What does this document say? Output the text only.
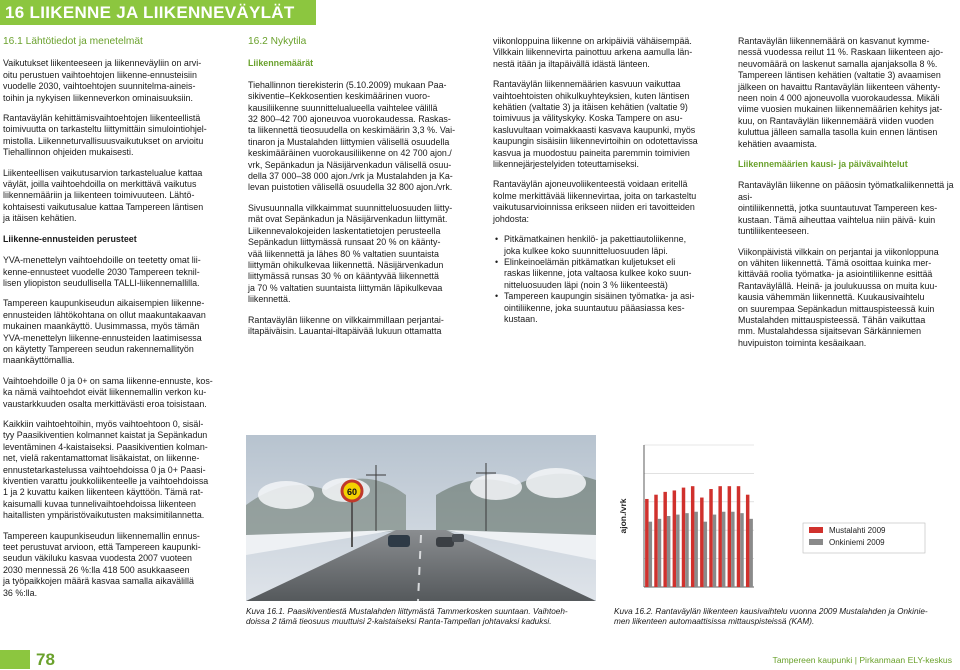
16 LIIKENNE JA LIIKENNEVÄYLÄT
16.1 Lähtötiedot ja menetelmät

Vaikutukset liikenteeseen ja liikenneväyliin on arvi-
oitu perustuen vaihtoehtojen liikenne-ennusteisiin
vuodelle 2030, vaihtoehtojen suunnitelma-aineis-
toihin ja nykyisen liikenneverkon ominaisuuksiin.

Rantaväylän kehittämisvaihtoehtojen liikenteellistä
toimivuutta on tarkasteltu liittymittäin simulointiohjel-
mistolla. Liikenneturvallisuusvaikutukset on arvioitu
Tiehallinnon ohjeiden mukaisesti.

Liikenteellisen vaikutusarvion tarkastelualue kattaa
väylät, joilla vaihtoehdoilla on merkittävä vaikutus
liikennemääriin ja liikenteen toimivuuteen. Lähtö-
kohtaisesti vaikutusalue kattaa Tampereen läntisen
ja itäisen kehätien.

Liikenne-ennusteiden perusteet

YVA-menettelyn vaihtoehdoille on teetetty omat lii-
kenne-ennusteet vuodelle 2030 Tampereen teknil-
lisen yliopiston seudullisella TALLI-liikennemallilla.

Tampereen kaupunkiseudun aikaisempien liikenne-
ennusteiden lähtökohtana on ollut maakuntakaavan
mukainen maankäyttö. Uusimmassa, myös tämän
YVA-menettelyn liikenne-ennusteiden laatimisessa
on käytetty Tampereen seudun rakennemallityön
maankäyttömallia.

Vaihtoehdoille 0 ja 0+ on sama liikenne-ennuste, kos-
ka nämä vaihtoehdot eivät liikennemallin verkon ku-
vaustarkkuuden osalta merkittävästi eroa toisistaan.

Kaikkiin vaihtoehtoihin, myös vaihtoehtoon 0, sisäl-
tyy Paasikiventien kolmannet kaistat ja Sepänkadun
leventäminen 4-kaistaiseksi. Paasikiventien kolman-
net, vielä rakentamattomat lisäkaistat, on liikenne-
ennustetarkastelussa vaihtoehdoissa 0 ja 0+ Paasi-
kiventien varattu joukkoliikenteelle ja vaihtoehdoissa
1 ja 2 kuvattu kaiken liikenteen käyttöön. Tämä rat-
kaisumalli kuvaa tunnelivaihtoehdoissa liikenteen
haitallisten ympäristövaikutusten maksimitilannetta.

Tampereen kaupunkiseudun liikennemallin ennus-
teet perustuvat arvioon, että Tampereen kaupunki-
seudun väkiluku kasvaa vuodesta 2007 vuoteen
2030 mennessä 26 %:lla 418 500 asukkaaseen
ja työpaikkojen määrä kasvaa samalla aikavälillä
36 %:lla.

16.2 Nykytila
Liikennemäärät

Tiehallinnon tierekisterin (5.10.2009) mukaan Paa-
sikiventie–Kekkosentien keskimäärinen vuoro-
kausiliikenne suunnittelualueella vaihtelee välillä
32 800–42 700 ajoneuvoa vuorokaudessa. Raskas-
ta liikennettä tieosuudella on keskimäärin 3,3 %. Vai-
tinaron ja Mustalahden liittymien välisellä osuudella
keskimääräinen vuorokausiliikenne on 42 700 ajon./
vrk, Sepänkadun ja Näsijärvenkadun välisellä osuu-
della 37 000–38 000 ajon./vrk ja Mustalahden ja Ka-
levan puistotien välisellä osuudella 32 800 ajon./vrk.

Sivusuunnalla vilkkaimmat suunnitteluosuuden liitty-
mät ovat Sepänkadun ja Näsijärvenkadun liittymät.
Liikennevalokojeiden laskentatietojen perusteella
Sepänkadun liittymässä runsaat 20 % on käänty-
vää liikennettä ja lähes 80 % valtatien suuntaista
liittymän ohikulkevaa liikennettä. Näsijärvenkadun
liittymässä runsas 30 % on kääntyvää liikennettä
ja 70 % valtatien suuntaista liittymän läpikulkevaa
liikennettä.

Rantaväylän liikenne on vilkkaimmillaan perjantai-
iltapäiväisin. Lauantai-iltapäivää lukuun ottamatta

viikonloppuina liikenne on arkipäiviä vähäisempää.
Vilkkain liikennevirta painottuu arkena aamulla län-
nestä itään ja iltapäivällä idästä länteen.

Rantaväylän liikennemäärien kasvuun vaikuttaa
vaihtoehtoisten ohikulkuyhteyksien, kuten läntisen
kehätien (valtatie 3) ja itäisen kehätien (valtatie 9)
toimivuus ja välityskyky. Koska Tampere on asu-
kasluvultaan voimakkaasti kasvava kaupunki, myös
kaupungin sisäisiin liikennevirtoihin on odotettavissa
kasvua ja muodostuu paineita paremmin toimivien
liikennejärjestelyiden toteuttamiseksi.

Rantaväylän ajoneuvoliikenteestä voidaan eritellä
kolme merkittävää liikennevirtaa, joita on tarkasteltu
vaikutusarvioinnissa erikseen niiden eri tavoitteiden
johdosta:

• Pitkämatkainen henkilö- ja pakettiautoliikenne,
joka kulkee koko suunnitteluosuuden läpi.
• Elinkeinoelämän pitkämatkan kuljetukset eli
raskas liikenne, jota valtaosa kulkee koko suun-
nitteluosuuden läpi (noin 3 % liikenteestä)
• Tampereen kaupungin sisäinen työmatka- ja asi-
ointiliikenne, joka suuntautuu pääasiassa kes-
kustaan.

Rantaväylän liikennemäärä on kasvanut kymme-
nessä vuodessa reilut 11 %. Raskaan liikenteen ajo-
neuvomäärä on laskenut samalla ajanjaksolla 8 %.
Tampereen läntisen kehätien (valtatie 3) avaamisen
jälkeen on havaittu Rantaväylän liikenteen vähenty-
neen noin 4 000 ajoneuvolla vuorokaudessa. Mikäli
viime vuosien mukainen liikennemäärien kehitys jat-
kuu, on Rantaväylän liikennemäärä viiden vuoden
kuluttua jälleen samalla tasolla kuin ennen läntisen
kehätien avaamista.

Liikennemäärien kausi- ja päivävaihtelut

Rantaväylän liikenne on pääosin työmatkaliikennettä ja asi-
ointiliikennettä, jotka suuntautuvat Tampereen kes-
kustaan. Tämä aiheuttaa vaihtelua niin päivä- kuin
tuntiliikenteeseen.

Viikonpäivistä vilkkain on perjantai ja viikonloppuna
on vähiten liikennettä. Tämä osoittaa kuinka mer-
kittävää roolia työmatka- ja asiointiliikenne esittää
Rantaväylällä. Heinä- ja joulukuussa on muita kuu-
kausia vähemmän liikennettä. Kuukausivaihtelu
on suurempaa Sepänkadun mittauspisteessä kuin
Mustalahden mittauspisteessä. Tähän vaikuttaa
mm. Mustalahdessa sijaitsevan Särkänniemen
huvipuiston toiminta kesäaikaan.

60
Kuva 16.1. Paasikiventiestä Mustalahden liittymästä Tammerkosken suuntaan. Vaihtoeh-
doissa 2 tämä tieosuus muuttuisi 2-kaistaiseksi Ranta-Tampellan johtavaksi kaduksi.
ajon./vrk	Mustalahti 2009
Onkiniemi 2009
Kuva 16.2. Rantaväylän liikenteen kausivaihtelu vuonna 2009 Mustalahden ja Onkinie-
men liikenteen automaattisissa mittauspisteissä (KAM).
78	Tampereen kaupunki | Pirkanmaan ELY-keskus
